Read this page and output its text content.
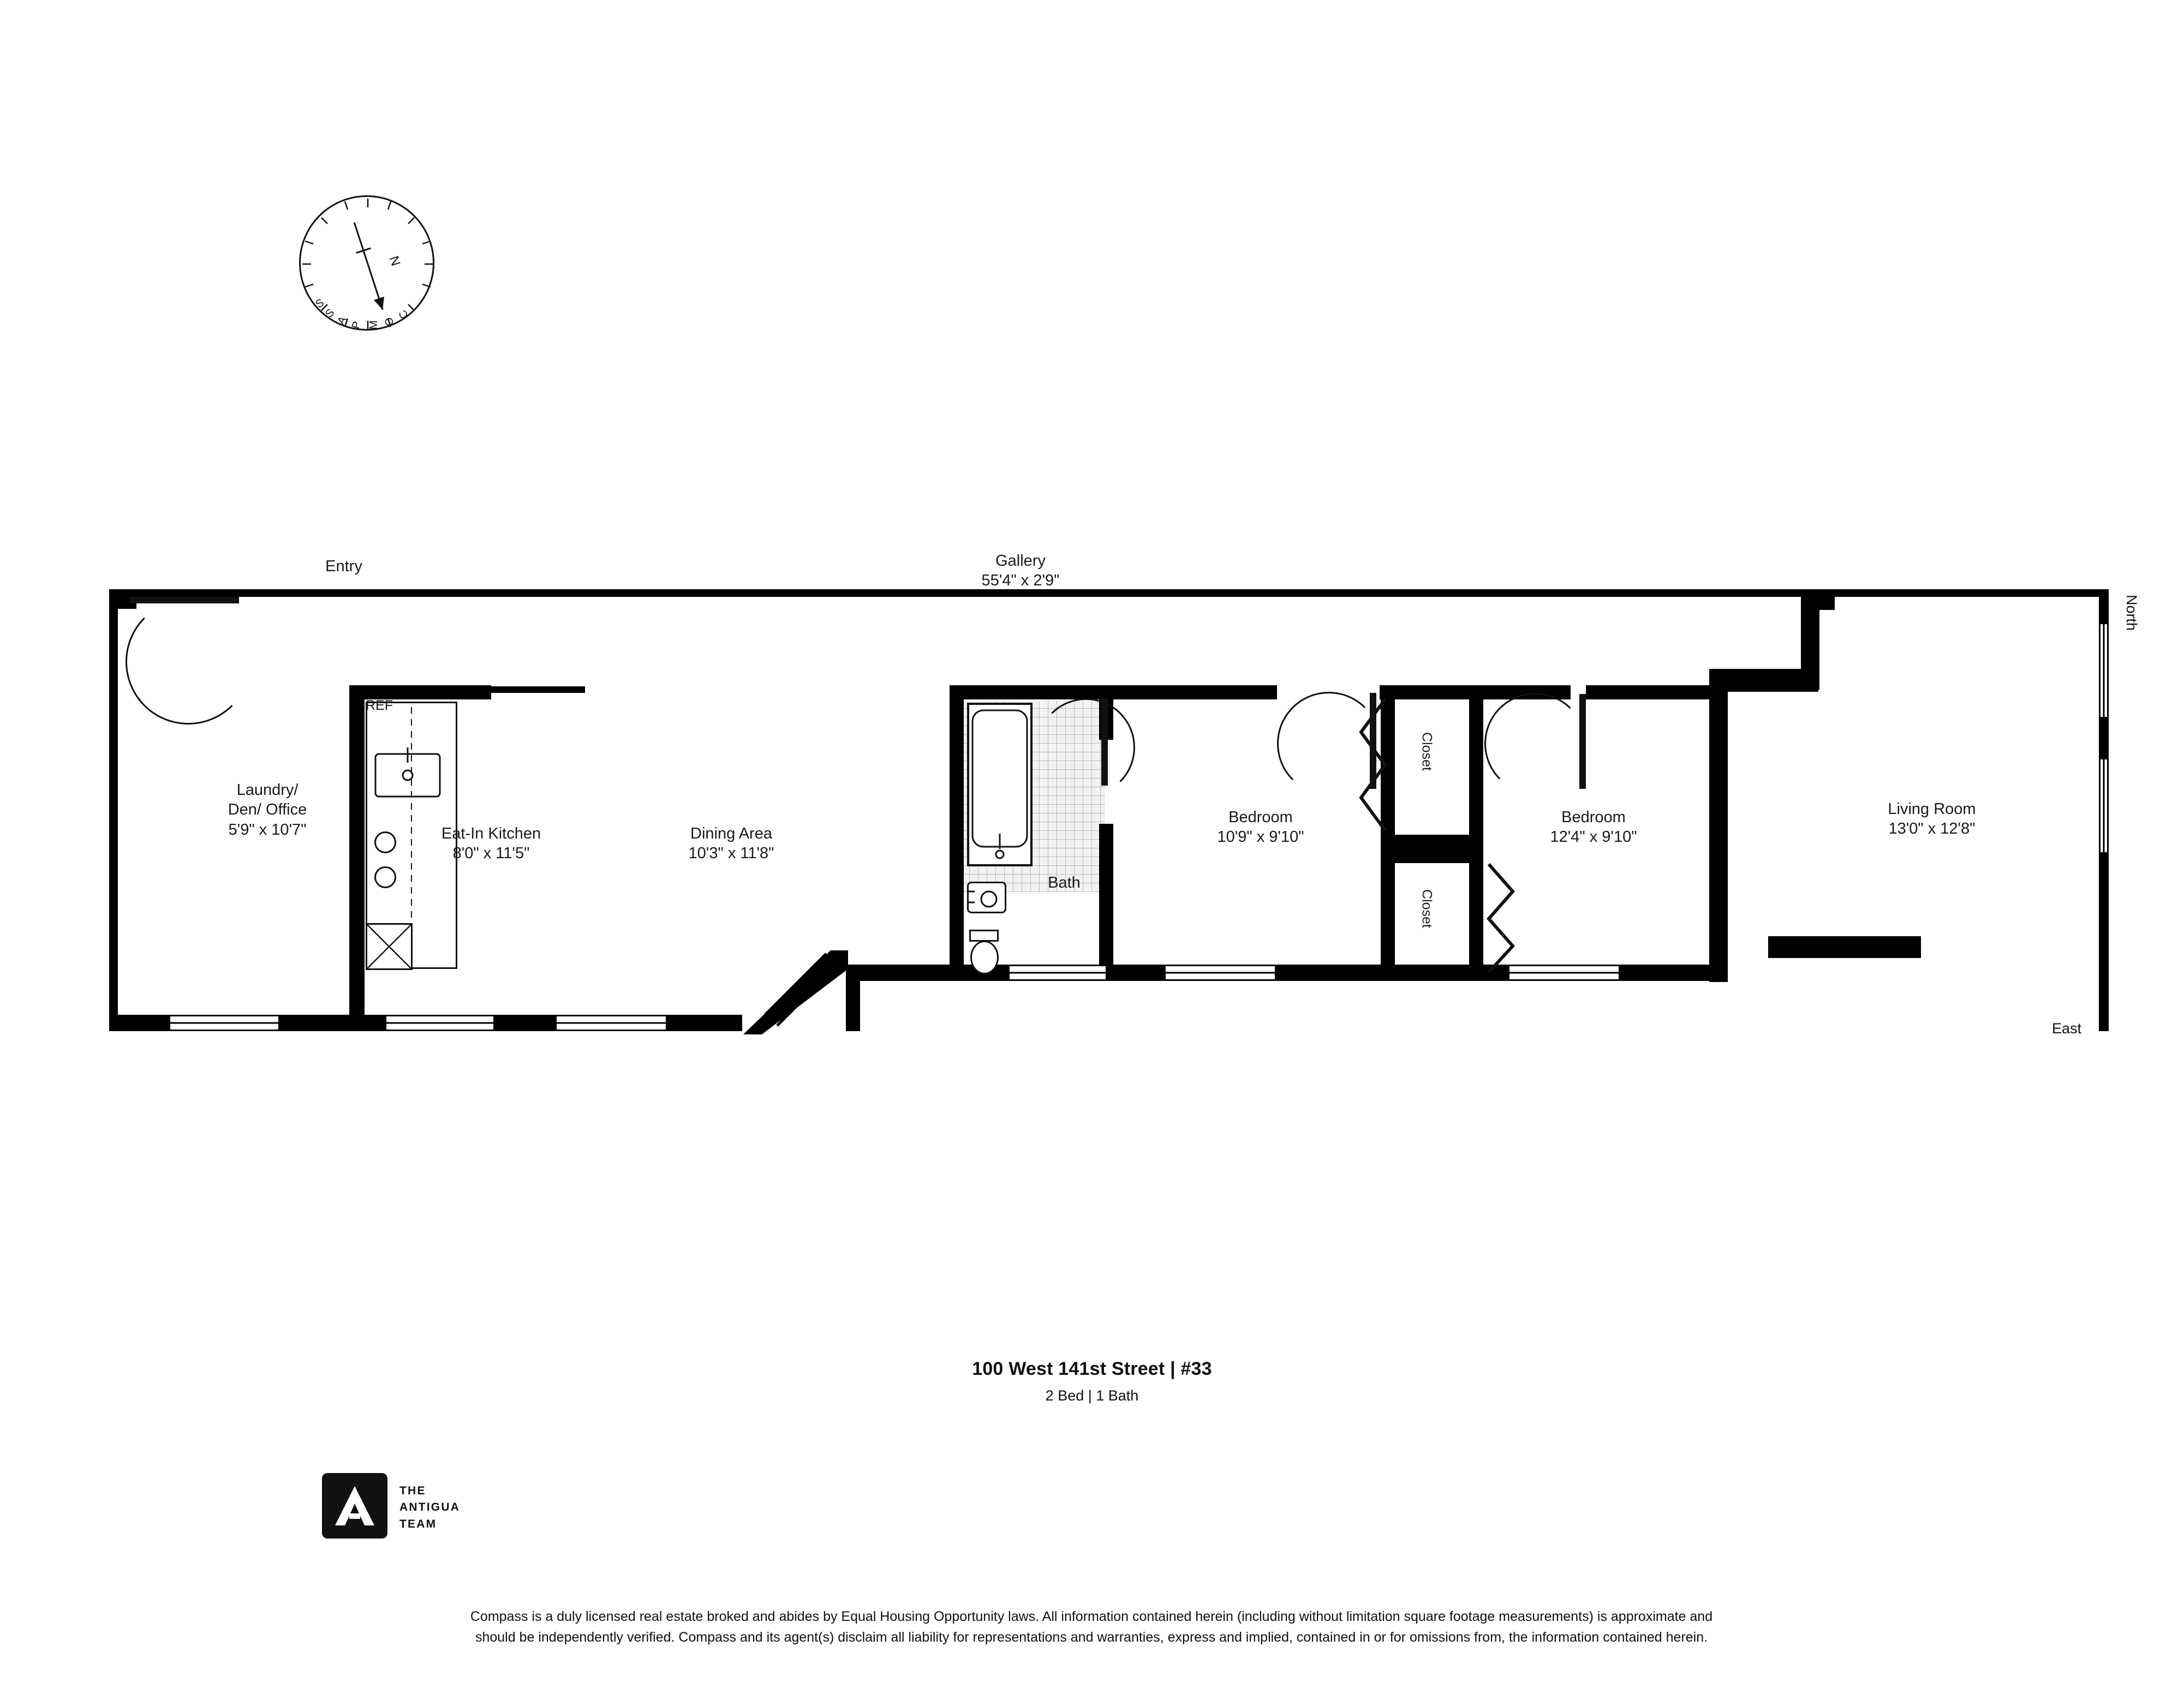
N
C
O
M
P
A
S
S
REF
Entry
Laundry/
Den/ Office
5'9" x 10'7"	Eat-In Kitchen
8'0" x 11'5"
Dining Area
10'3" x 11'8"
Gallery
55'4" x 2'9"
Bath
Bedroom
10'9" x 9'10"
Bedroom
12'4" x 9'10"
Living Room
13'0" x 12'8"
Closet
Closet
North
East
100 West 141st Street | #33
2 Bed | 1 Bath
THE
ANTIGUA
TEAM
Compass is a duly licensed real estate broked and abides by Equal Housing Opportunity laws. All information contained herein (including without limitation square footage measurements) is approximate and
should be independently verified. Compass and its agent(s) disclaim all liability for representations and warranties, express and implied, contained in or for omissions from, the information contained herein.
